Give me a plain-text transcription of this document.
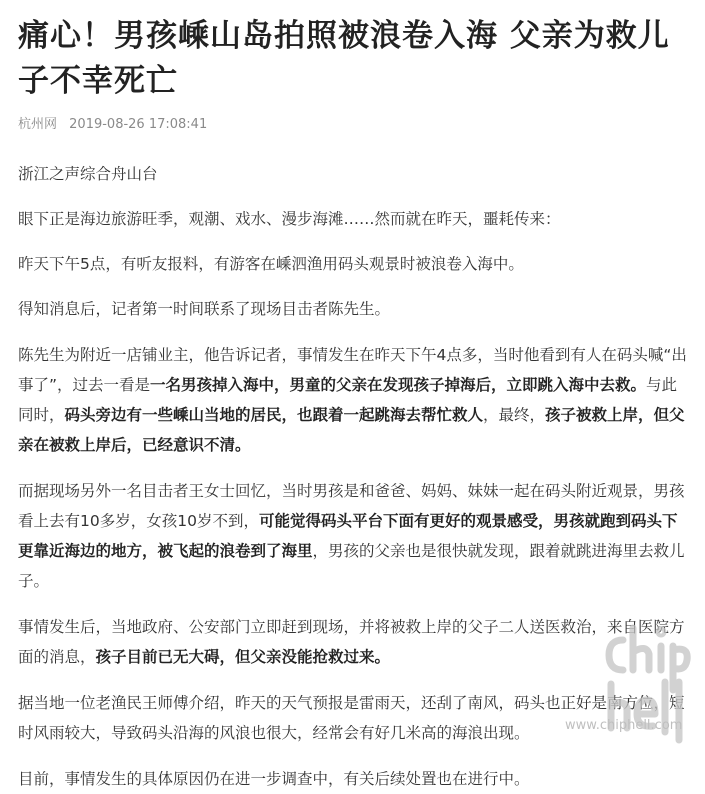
痛心！男孩嵊山岛拍照被浪卷入海 父亲为救儿子不幸死亡
杭州网 2019-08-26 17:08:41

浙江之声综合舟山台

眼下正是海边旅游旺季，观潮、戏水、漫步海滩……然而就在昨天，噩耗传来：

昨天下午5点，有听友报料，有游客在嵊泗渔用码头观景时被浪卷入海中。

得知消息后，记者第一时间联系了现场目击者陈先生。

陈先生为附近一店铺业主，他告诉记者，事情发生在昨天下午4点多，当时他看到有人在码头喊“出事了”，过去一看是一名男孩掉入海中，男童的父亲在发现孩子掉海后，立即跳入海中去救。与此同时，码头旁边有一些嵊山当地的居民，也跟着一起跳海去帮忙救人，最终，孩子被救上岸，但父亲在被救上岸后，已经意识不清。

而据现场另外一名目击者王女士回忆，当时男孩是和爸爸、妈妈、妹妹一起在码头附近观景，男孩看上去有10多岁，女孩10岁不到，可能觉得码头平台下面有更好的观景感受，男孩就跑到码头下更靠近海边的地方，被飞起的浪卷到了海里，男孩的父亲也是很快就发现，跟着就跳进海里去救儿子。

事情发生后，当地政府、公安部门立即赶到现场，并将被救上岸的父子二人送医救治，来自医院方面的消息，孩子目前已无大碍，但父亲没能抢救过来。

据当地一位老渔民王师傅介绍，昨天的天气预报是雷雨天，还刮了南风，码头也正好是南方位，短时风雨较大，导致码头沿海的风浪也很大，经常会有好几米高的海浪出现。

目前，事情发生的具体原因仍在进一步调查中，有关后续处置也在进行中。

www.chiphell.com
